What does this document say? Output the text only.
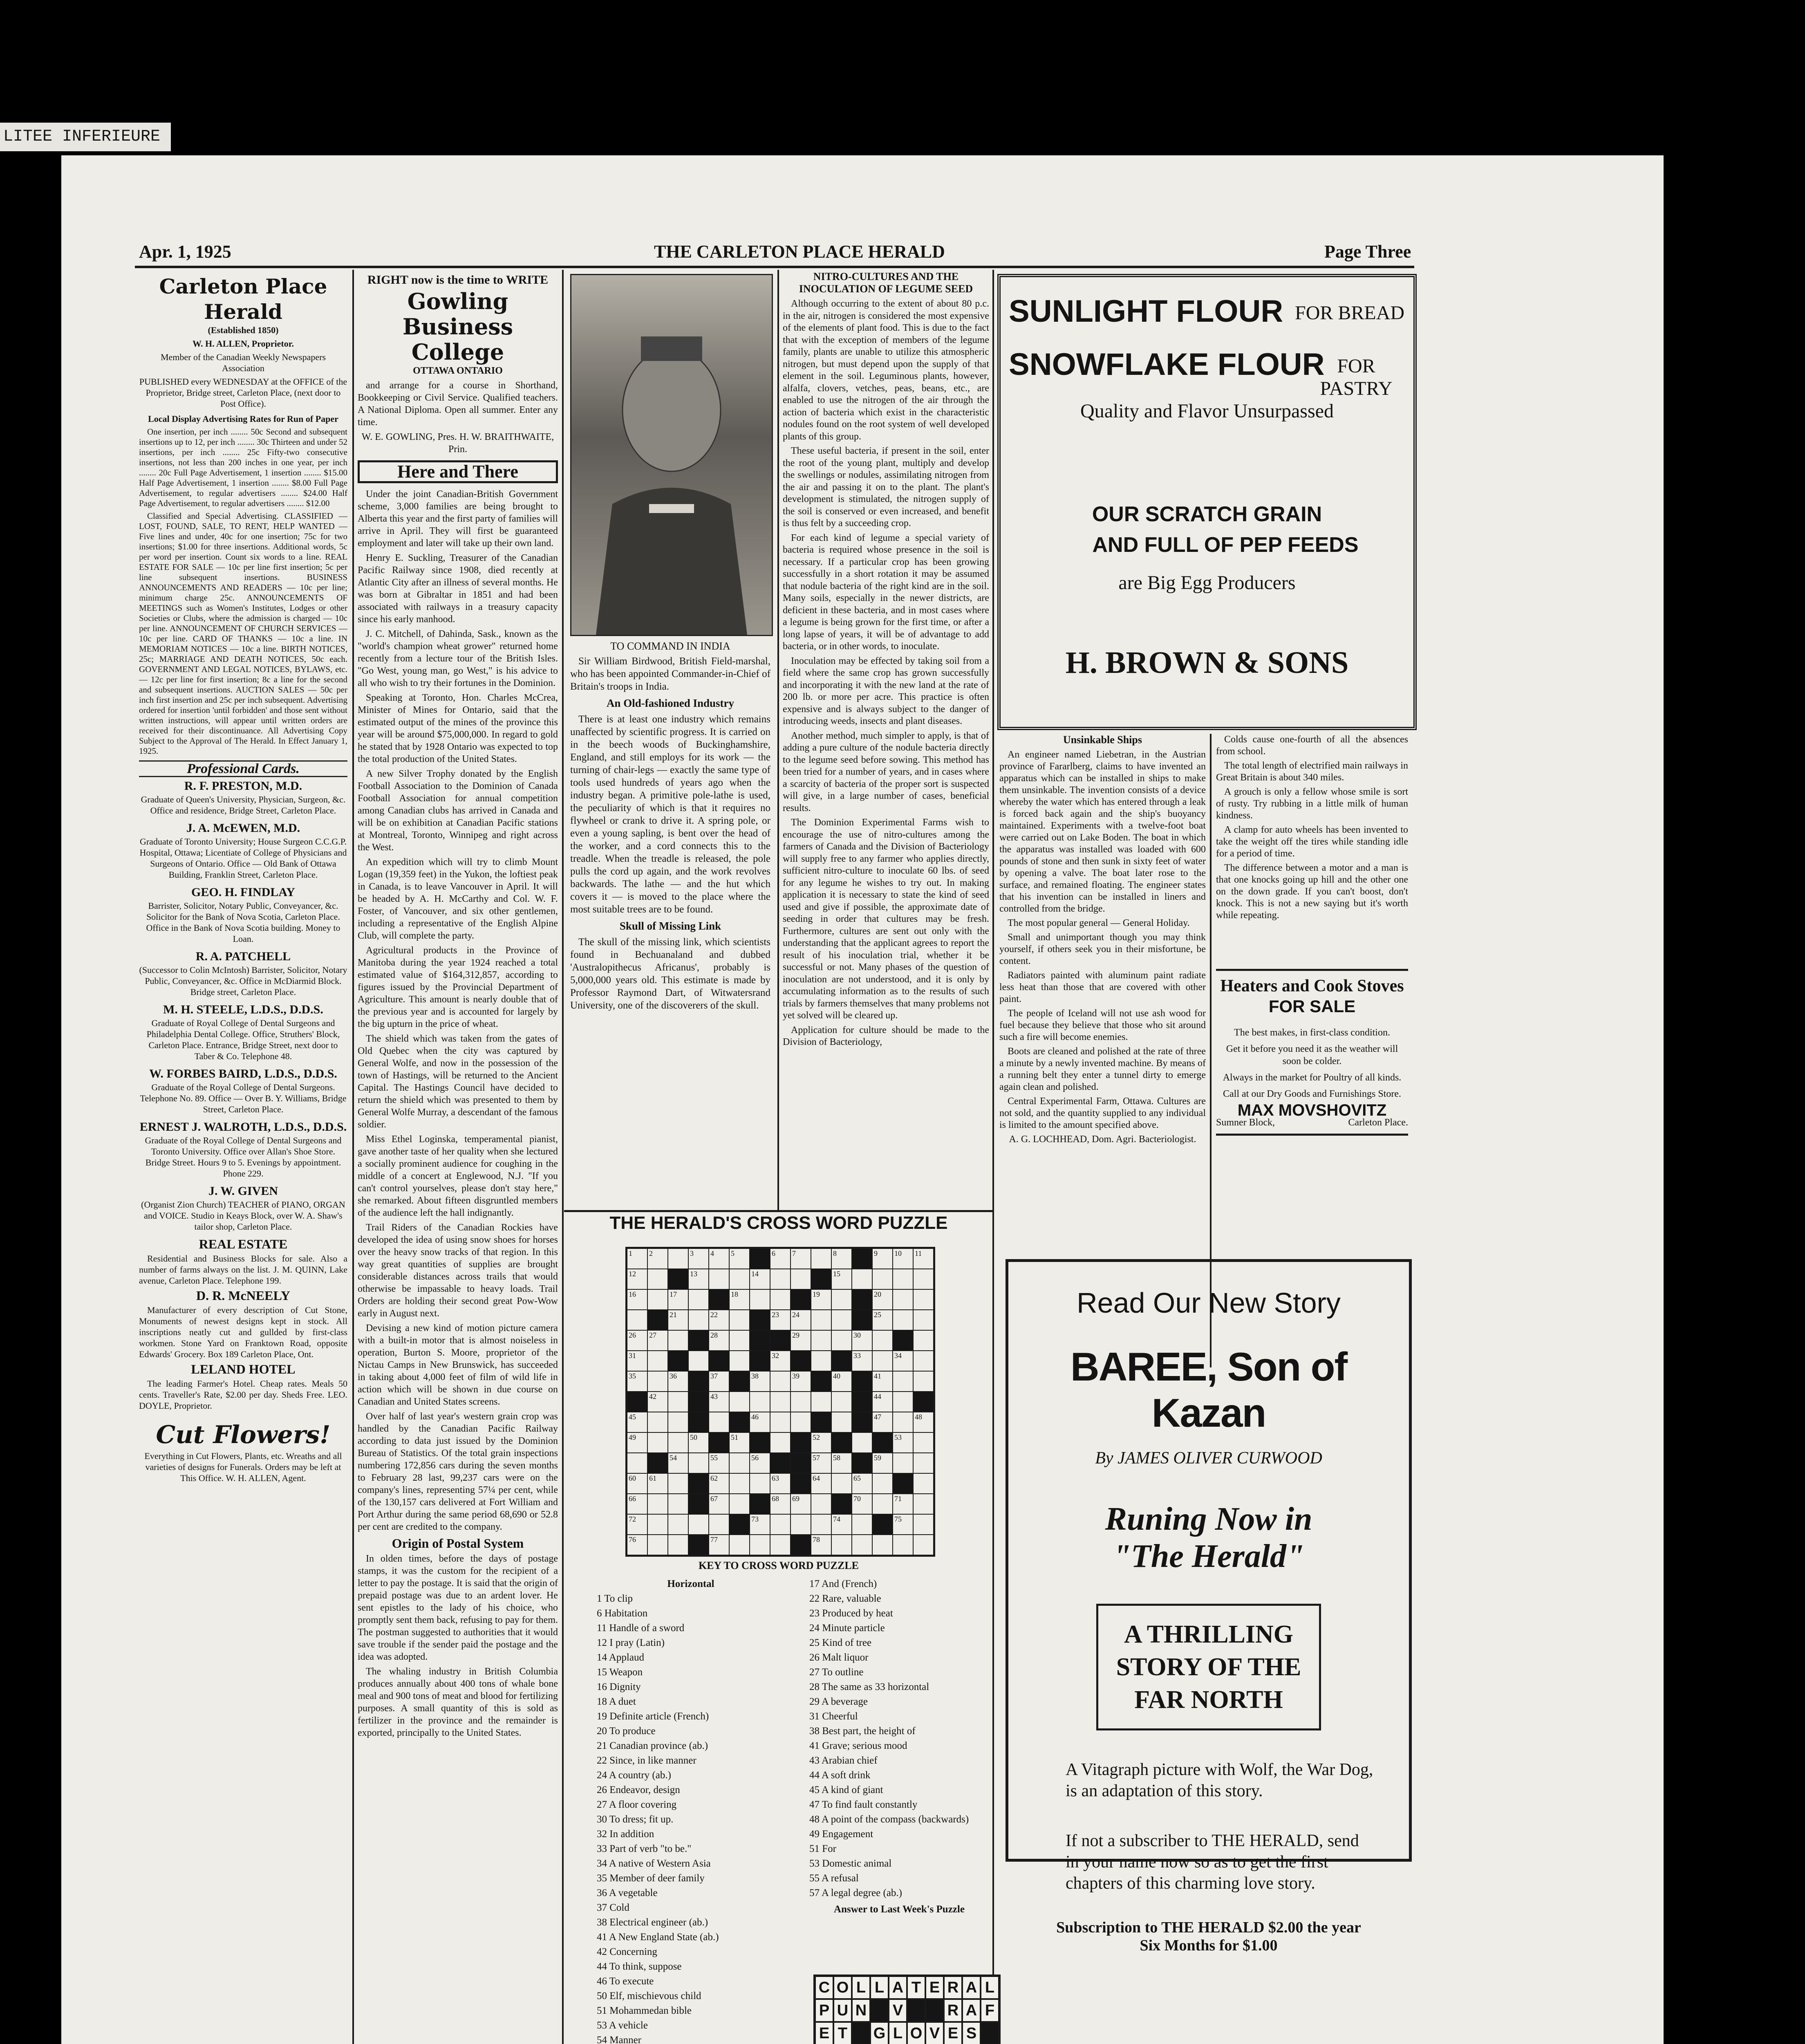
LITEE INFERIEURE
Apr. 1, 1925	THE CARLETON PLACE HERALD	Page Three
Carleton Place Herald

(Established 1850)

W. H. ALLEN, Proprietor.

Member of the Canadian Weekly Newspapers Association

PUBLISHED every WEDNESDAY at the OFFICE of the Proprietor, Bridge street, Carleton Place, (next door to Post Office).

Local Display Advertising Rates for Run of Paper

One insertion, per inch ........ 50c Second and subsequent insertions up to 12, per inch ........ 30c Thirteen and under 52 insertions, per inch ........ 25c Fifty-two consecutive insertions, not less than 200 inches in one year, per inch ........ 20c Full Page Advertisement, 1 insertion ........ $15.00 Half Page Advertisement, 1 insertion ........ $8.00 Full Page Advertisement, to regular advertisers ........ $24.00 Half Page Advertisement, to regular advertisers ........ $12.00

Classified and Special Advertising. CLASSIFIED — LOST, FOUND, SALE, TO RENT, HELP WANTED — Five lines and under, 40c for one insertion; 75c for two insertions; $1.00 for three insertions. Additional words, 5c per word per insertion. Count six words to a line. REAL ESTATE FOR SALE — 10c per line first insertion; 5c per line subsequent insertions. BUSINESS ANNOUNCEMENTS AND READERS — 10c per line; minimum charge 25c. ANNOUNCEMENTS OF MEETINGS such as Women's Institutes, Lodges or other Societies or Clubs, where the admission is charged — 10c per line. ANNOUNCEMENT OF CHURCH SERVICES — 10c per line. CARD OF THANKS — 10c a line. IN MEMORIAM NOTICES — 10c a line. BIRTH NOTICES, 25c; MARRIAGE AND DEATH NOTICES, 50c each. GOVERNMENT AND LEGAL NOTICES, BYLAWS, etc. — 12c per line for first insertion; 8c a line for the second and subsequent insertions. AUCTION SALES — 50c per inch first insertion and 25c per inch subsequent. Advertising ordered for insertion 'until forbidden' and those sent without written instructions, will appear until written orders are received for their discontinuance. All Advertising Copy Subject to the Approval of The Herald. In Effect January 1, 1925.

Professional Cards.

R. F. PRESTON, M.D.

Graduate of Queen's University, Physician, Surgeon, &c. Office and residence, Bridge Street, Carleton Place.

J. A. McEWEN, M.D.

Graduate of Toronto University; House Surgeon C.C.G.P. Hospital, Ottawa; Licentiate of College of Physicians and Surgeons of Ontario. Office — Old Bank of Ottawa Building, Franklin Street, Carleton Place.

GEO. H. FINDLAY

Barrister, Solicitor, Notary Public, Conveyancer, &c. Solicitor for the Bank of Nova Scotia, Carleton Place. Office in the Bank of Nova Scotia building. Money to Loan.

R. A. PATCHELL

(Successor to Colin McIntosh) Barrister, Solicitor, Notary Public, Conveyancer, &c. Office in McDiarmid Block. Bridge street, Carleton Place.

M. H. STEELE, L.D.S., D.D.S.

Graduate of Royal College of Dental Surgeons and Philadelphia Dental College. Office, Struthers' Block, Carleton Place. Entrance, Bridge Street, next door to Taber & Co. Telephone 48.

W. FORBES BAIRD, L.D.S., D.D.S.

Graduate of the Royal College of Dental Surgeons. Telephone No. 89. Office — Over B. Y. Williams, Bridge Street, Carleton Place.

ERNEST J. WALROTH, L.D.S., D.D.S.

Graduate of the Royal College of Dental Surgeons and Toronto University. Office over Allan's Shoe Store. Bridge Street. Hours 9 to 5. Evenings by appointment. Phone 229.

J. W. GIVEN

(Organist Zion Church) TEACHER of PIANO, ORGAN and VOICE. Studio in Keays Block, over W. A. Shaw's tailor shop, Carleton Place.

REAL ESTATE

Residential and Business Blocks for sale. Also a number of farms always on the list. J. M. QUINN, Lake avenue, Carleton Place. Telephone 199.

D. R. McNEELY

Manufacturer of every description of Cut Stone, Monuments of newest designs kept in stock. All inscriptions neatly cut and gullded by first-class workmen. Stone Yard on Franktown Road, opposite Edwards' Grocery. Box 189 Carleton Place, Ont.

LELAND HOTEL

The leading Farmer's Hotel. Cheap rates. Meals 50 cents. Traveller's Rate, $2.00 per day. Sheds Free. LEO. DOYLE, Proprietor.

Cut Flowers!

Everything in Cut Flowers, Plants, etc. Wreaths and all varieties of designs for Funerals. Orders may be left at This Office. W. H. ALLEN, Agent.

RIGHT now is the time to WRITE

Gowling Business College

OTTAWA ONTARIO

and arrange for a course in Shorthand, Bookkeeping or Civil Service. Qualified teachers. A National Diploma. Open all summer. Enter any time.

W. E. GOWLING, Pres. H. W. BRAITHWAITE, Prin.

Here and There

Under the joint Canadian-British Government scheme, 3,000 families are being brought to Alberta this year and the first party of families will arrive in April. They will first be guaranteed employment and later will take up their own land.

Henry E. Suckling, Treasurer of the Canadian Pacific Railway since 1908, died recently at Atlantic City after an illness of several months. He was born at Gibraltar in 1851 and had been associated with railways in a treasury capacity since his early manhood.

J. C. Mitchell, of Dahinda, Sask., known as the "world's champion wheat grower" returned home recently from a lecture tour of the British Isles. "Go West, young man, go West," is his advice to all who wish to try their fortunes in the Dominion.

Speaking at Toronto, Hon. Charles McCrea, Minister of Mines for Ontario, said that the estimated output of the mines of the province this year will be around $75,000,000. In regard to gold he stated that by 1928 Ontario was expected to top the total production of the United States.

A new Silver Trophy donated by the English Football Association to the Dominion of Canada Football Association for annual competition among Canadian clubs has arrived in Canada and will be on exhibition at Canadian Pacific stations at Montreal, Toronto, Winnipeg and right across the West.

An expedition which will try to climb Mount Logan (19,359 feet) in the Yukon, the loftiest peak in Canada, is to leave Vancouver in April. It will be headed by A. H. McCarthy and Col. W. F. Foster, of Vancouver, and six other gentlemen, including a representative of the English Alpine Club, will complete the party.

Agricultural products in the Province of Manitoba during the year 1924 reached a total estimated value of $164,312,857, according to figures issued by the Provincial Department of Agriculture. This amount is nearly double that of the previous year and is accounted for largely by the big upturn in the price of wheat.

The shield which was taken from the gates of Old Quebec when the city was captured by General Wolfe, and now in the possession of the town of Hastings, will be returned to the Ancient Capital. The Hastings Council have decided to return the shield which was presented to them by General Wolfe Murray, a descendant of the famous soldier.

Miss Ethel Loginska, temperamental pianist, gave another taste of her quality when she lectured a socially prominent audience for coughing in the middle of a concert at Englewood, N.J. "If you can't control yourselves, please don't stay here," she remarked. About fifteen disgruntled members of the audience left the hall indignantly.

Trail Riders of the Canadian Rockies have developed the idea of using snow shoes for horses over the heavy snow tracks of that region. In this way great quantities of supplies are brought considerable distances across trails that would otherwise be impassable to heavy loads. Trail Orders are holding their second great Pow-Wow early in August next.

Devising a new kind of motion picture camera with a built-in motor that is almost noiseless in operation, Burton S. Moore, proprietor of the Nictau Camps in New Brunswick, has succeeded in taking about 4,000 feet of film of wild life in action which will be shown in due course on Canadian and United States screens.

Over half of last year's western grain crop was handled by the Canadian Pacific Railway according to data just issued by the Dominion Bureau of Statistics. Of the total grain inspections numbering 172,856 cars during the seven months to February 28 last, 99,237 cars were on the company's lines, representing 57¼ per cent, while of the 130,157 cars delivered at Fort William and Port Arthur during the same period 68,690 or 52.8 per cent are credited to the company.

Origin of Postal System

In olden times, before the days of postage stamps, it was the custom for the recipient of a letter to pay the postage. It is said that the origin of prepaid postage was due to an ardent lover. He sent epistles to the lady of his choice, who promptly sent them back, refusing to pay for them. The postman suggested to authorities that it would save trouble if the sender paid the postage and the idea was adopted.

The whaling industry in British Columbia produces annually about 400 tons of whale bone meal and 900 tons of meat and blood for fertilizing purposes. A small quantity of this is sold as fertilizer in the province and the remainder is exported, principally to the United States.

TO COMMAND IN INDIA

Sir William Birdwood, British Field-marshal, who has been appointed Commander-in-Chief of Britain's troops in India.

An Old-fashioned Industry

There is at least one industry which remains unaffected by scientific progress. It is carried on in the beech woods of Buckinghamshire, England, and still employs for its work — the turning of chair-legs — exactly the same type of tools used hundreds of years ago when the industry began. A primitive pole-lathe is used, the peculiarity of which is that it requires no flywheel or crank to drive it. A spring pole, or even a young sapling, is bent over the head of the worker, and a cord connects this to the treadle. When the treadle is released, the pole pulls the cord up again, and the work revolves backwards. The lathe — and the hut which covers it — is moved to the place where the most suitable trees are to be found.

Skull of Missing Link

The skull of the missing link, which scientists found in Bechuanaland and dubbed 'Australopithecus Africanus', probably is 5,000,000 years old. This estimate is made by Professor Raymond Dart, of Witwatersrand University, one of the discoverers of the skull.

NITRO-CULTURES AND THE INOCULATION OF LEGUME SEED

Although occurring to the extent of about 80 p.c. in the air, nitrogen is considered the most expensive of the elements of plant food. This is due to the fact that with the exception of members of the legume family, plants are unable to utilize this atmospheric nitrogen, but must depend upon the supply of that element in the soil. Leguminous plants, however, alfalfa, clovers, vetches, peas, beans, etc., are enabled to use the nitrogen of the air through the action of bacteria which exist in the characteristic nodules found on the root system of well developed plants of this group.

These useful bacteria, if present in the soil, enter the root of the young plant, multiply and develop the swellings or nodules, assimilating nitrogen from the air and passing it on to the plant. The plant's development is stimulated, the nitrogen supply of the soil is conserved or even increased, and benefit is thus felt by a succeeding crop.

For each kind of legume a special variety of bacteria is required whose presence in the soil is necessary. If a particular crop has been growing successfully in a short rotation it may be assumed that nodule bacteria of the right kind are in the soil. Many soils, especially in the newer districts, are deficient in these bacteria, and in most cases where a legume is being grown for the first time, or after a long lapse of years, it will be of advantage to add bacteria, or in other words, to inoculate.

Inoculation may be effected by taking soil from a field where the same crop has grown successfully and incorporating it with the new land at the rate of 200 lb. or more per acre. This practice is often expensive and is always subject to the danger of introducing weeds, insects and plant diseases.

Another method, much simpler to apply, is that of adding a pure culture of the nodule bacteria directly to the legume seed before sowing. This method has been tried for a number of years, and in cases where a scarcity of bacteria of the proper sort is suspected will give, in a large number of cases, beneficial results.

The Dominion Experimental Farms wish to encourage the use of nitro-cultures among the farmers of Canada and the Division of Bacteriology will supply free to any farmer who applies directly, sufficient nitro-culture to inoculate 60 lbs. of seed for any legume he wishes to try out. In making application it is necessary to state the kind of seed used and give if possible, the approximate date of seeding in order that cultures may be fresh. Furthermore, cultures are sent out only with the understanding that the applicant agrees to report the result of his inoculation trial, whether it be successful or not. Many phases of the question of inoculation are not understood, and it is only by accumulating information as to the results of such trials by farmers themselves that many problems not yet solved will be cleared up.

Application for culture should be made to the Division of Bacteriology,

THE HERALD'S CROSS WORD PUZZLE
1 2	3 4 5	6 7	8	9 10 11
12	13	14	15
16	17	18	19	20
21	22	23 24	25
26 27	28	29	30
31	32	33	34
35	36	37	38	39	40	41
42	43	44
45	46	47	48
49	50	51	52	53
54	55	56	57 58	59
60 61	62	63	64	65
66	67	68 69	70	71
72	73	74	75
76	77	78
KEY TO CROSS WORD PUZZLE

Horizontal

1 To clip

6 Habitation

11 Handle of a sword

12 I pray (Latin)

14 Applaud

15 Weapon

16 Dignity

18 A duet

19 Definite article (French)

20 To produce

21 Canadian province (ab.)

22 Since, in like manner

24 A country (ab.)

26 Endeavor, design

27 A floor covering

30 To dress; fit up.

32 In addition

33 Part of verb "to be."

34 A native of Western Asia

35 Member of deer family

36 A vegetable

37 Cold

38 Electrical engineer (ab.)

41 A New England State (ab.)

42 Concerning

44 To think, suppose

46 To execute

50 Elf, mischievous child

51 Mohammedan bible

53 A vehicle

54 Manner

17 And (French)

22 Rare, valuable

23 Produced by heat

24 Minute particle

25 Kind of tree

26 Malt liquor

27 To outline

28 The same as 33 horizontal

29 A beverage

31 Cheerful

38 Best part, the height of

41 Grave; serious mood

43 Arabian chief

44 A soft drink

45 A kind of giant

47 To find fault constantly

48 A point of the compass (backwards)

49 Engagement

51 For

53 Domestic animal

55 A refusal

57 A legal degree (ab.)

Answer to Last Week's Puzzle

C O L L A T E R A L
P U N V	R A F
E T G L O V E S
SUNLIGHT FLOUR FOR BREAD
SNOWFLAKE FLOUR FOR PASTRY
Quality and Flavor Unsurpassed
OUR SCRATCH GRAIN
AND FULL OF PEP FEEDS
are Big Egg Producers
H. BROWN & SONS
Unsinkable Ships

An engineer named Liebetran, in the Austrian province of Fararlberg, claims to have invented an apparatus which can be installed in ships to make them unsinkable. The invention consists of a device whereby the water which has entered through a leak is forced back again and the ship's buoyancy maintained. Experiments with a twelve-foot boat were carried out on Lake Boden. The boat in which the apparatus was installed was loaded with 600 pounds of stone and then sunk in sixty feet of water by opening a valve. The boat later rose to the surface, and remained floating. The engineer states that his invention can be installed in liners and controlled from the bridge.

The most popular general — General Holiday.

Small and unimportant though you may think yourself, if others seek you in their misfortune, be content.

Radiators painted with aluminum paint radiate less heat than those that are covered with other paint.

The people of Iceland will not use ash wood for fuel because they believe that those who sit around such a fire will become enemies.

Boots are cleaned and polished at the rate of three a minute by a newly invented machine. By means of a running belt they enter a tunnel dirty to emerge again clean and polished.

Central Experimental Farm, Ottawa. Cultures are not sold, and the quantity supplied to any individual is limited to the amount specified above.

A. G. LOCHHEAD, Dom. Agri. Bacteriologist.

Colds cause one-fourth of all the absences from school.

The total length of electrified main railways in Great Britain is about 340 miles.

A grouch is only a fellow whose smile is sort of rusty. Try rubbing in a little milk of human kindness.

A clamp for auto wheels has been invented to take the weight off the tires while standing idle for a period of time.

The difference between a motor and a man is that one knocks going up hill and the other one on the down grade. If you can't boost, don't knock. This is not a new saying but it's worth while repeating.

Heaters and Cook Stoves
FOR SALE

The best makes, in first-class condition.

Get it before you need it as the weather will soon be colder.

Always in the market for Poultry of all kinds.

Call at our Dry Goods and Furnishings Store.

MAX MOVSHOVITZ
Sumner Block,	Carleton Place.
Read Our New Story
BAREE, Son of Kazan
By JAMES OLIVER CURWOOD
Runing Now in
"The Herald"
A THRILLING STORY OF THE FAR NORTH
A Vitagraph picture with Wolf, the War Dog, is an adaptation of this story.
If not a subscriber to THE HERALD, send in your name now so as to get the first chapters of this charming love story.
Subscription to THE HERALD $2.00 the year
Six Months for $1.00
